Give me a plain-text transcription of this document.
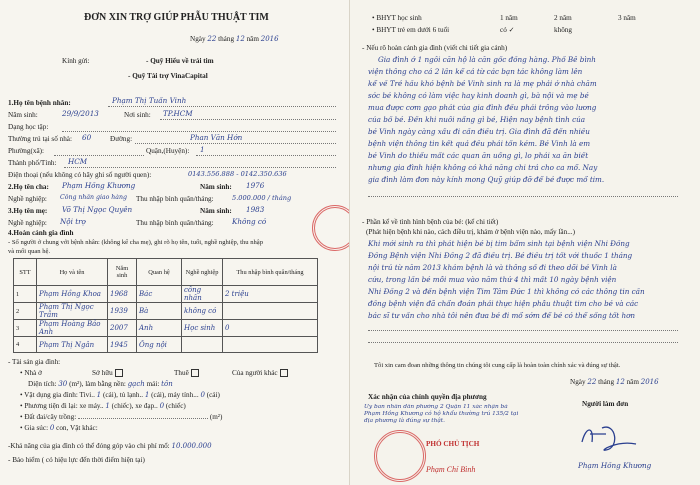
ĐƠN XIN TRỢ GIÚP PHẪU THUẬT TIM
Ngày 22 tháng 12 năm 2016
Kính gửi:	- Quỹ Hiểu về trái tim
- Quỹ Tài trợ VinaCapital
1.Họ tên bệnh nhân:	Phạm Thị Tuấn Vinh
Năm sinh:	29/9/2013	Nơi sinh: TP.HCM
Dạng học tập:
Thường trú tại số nhà: 60	Đường:	Phan Văn Hớn
Phường(xã):	Quận,(Huyện): 1
Thành phố/Tỉnh: HCM
Điện thoại (nếu không có hãy ghi số người quen):	0143.556.888 - 0142.350.636
2.Họ tên cha: Phạm Hồng Khương	Năm sinh: 1976
Nghề nghiệp: Công nhân giao hàng Thu nhập bình quân/tháng:	5.000.000 / tháng
3.Họ tên mẹ: Võ Thị Ngọc Quyên	Năm sinh: 1983
Nghề nghiệp: Nội trợ	Thu nhập bình quân/tháng:	Không có
4.Hoàn cảnh gia đình
- Số người ở chung với bệnh nhân: (không kể cha mẹ), ghi rõ họ tên, tuổi, nghề nghiệp, thu nhập
và mối quan hệ.
STT	Họ và tên	Năm sinh	Quan hệ	Nghề nghiệp	Thu nhập bình quân/tháng
1	Phạm Hồng Khoa	1968	Bác	công nhân	2 triệu
2	Phạm Thị Ngọc Trầm	1939	Bà	không có	
3	Phạm Hoàng Bảo Anh	2007	Anh	Học sinh	0
4	Phạm Thị Ngân	1945	Ông nội		
- Tài sản gia đình:
• Nhà ở	Sở hữu	Thuê	Của người khác
Diện tích: 30 (m²), làm bằng nền: gạch mái: tôn
• Vật dụng gia đình: Tivi.. 1 (cái), tủ lạnh.. 1 (cái), máy tính... 0 (cái)
• Phương tiện đi lại: xe máy.. 1 (chiếc), xe đạp.. 0 (chiếc)
• Đất đai/cây trồng:	(m²)
• Gia súc: 0 con, Vật khác:
-Khả năng của gia đình có thể đóng góp vào chi phí mổ: 10.000.000
- Bảo hiểm ( có hiệu lực đến thời điểm hiện tại)
• BHYT học sinh	1 năm	2 năm	3 năm
• BHYT trẻ em dưới 6 tuổi	có ✓	không
- Nếu rõ hoàn cảnh gia đình (viết chi tiết gia cảnh)
Gia đình ở 1 ngôi căn hộ là căn gốc đồng hàng. Phố Bê bình
viện thông cho cả 2 lần kể cả từ các bạn tác không làm lên
kể về Trẻ hầu khó bệnh bé Vinh sinh ra là mẹ phải ở nhà chăm
sóc bé không có làm việc hay kinh doanh gì, bà nội và mẹ bé
mua được cơm gạo phát của gia đình đều phải trông vào lương
của bố bé. Đến khi nuôi nấng gì bé, Hiện nay bệnh tình của
bé Vinh ngày càng xấu đi cần điều trị. Gia đình đã đến nhiều
bệnh viện thông tin kết quả đều phải tốn kém. Bé Vinh là em
bé Vinh do thiếu mất các quan ăn uống gì, lo phải xa ăn biết
nhưng gia đình hiện không có khả năng chi trả cho ca mổ. Nay
gia đình làm đơn này kính mong Quỹ giúp đỡ để bé được mổ tim.
- Phần kể về tình hình bệnh của bé: (kể chi tiết)
(Phát hiện bệnh khi nào, cách điều trị, khám ở bệnh viện nào, mấy lần...)
Khi mới sinh ra thì phát hiện bé bị tim bẩm sinh tại bệnh viện Nhi Đồng
Đồng Bệnh viện Nhi Đồng 2 đã điều trị. Bé điều trị tốt với thuốc 1 tháng
nội trú từ năm 2013 khám bệnh là và thông số đi theo dõi bé Vinh là
cứu, trong lần bé mỗi mua vào năm thứ 4 thì mất 10 ngày bệnh viện
Nhi Đồng 2 và đến bệnh viện Tim Tâm Đức 1 thì không có các thông tin cần
đồng bệnh viện đã chẩn đoán phải thực hiện phẫu thuật tim cho bé và các
bác sĩ tư vấn cho nhà tôi nên đưa bé đi mổ sớm để bé có thể sống tốt hơn
Tôi xin cam đoan những thông tin chúng tôi cung cấp là hoàn toàn chính xác và đúng sự thật.
Ngày 22 tháng 12 năm 2016
Xác nhận của chính quyền địa phương
Ủy ban nhân dân phường 2 Quận 11 xác nhận bà Phạm Hồng Khương có hộ khẩu thường trú 135/2 tại địa phương là đúng sự thật.
Người làm đơn
PHÓ CHỦ TỊCH
Phạm Chí Bình	Phạm Hồng Khương
